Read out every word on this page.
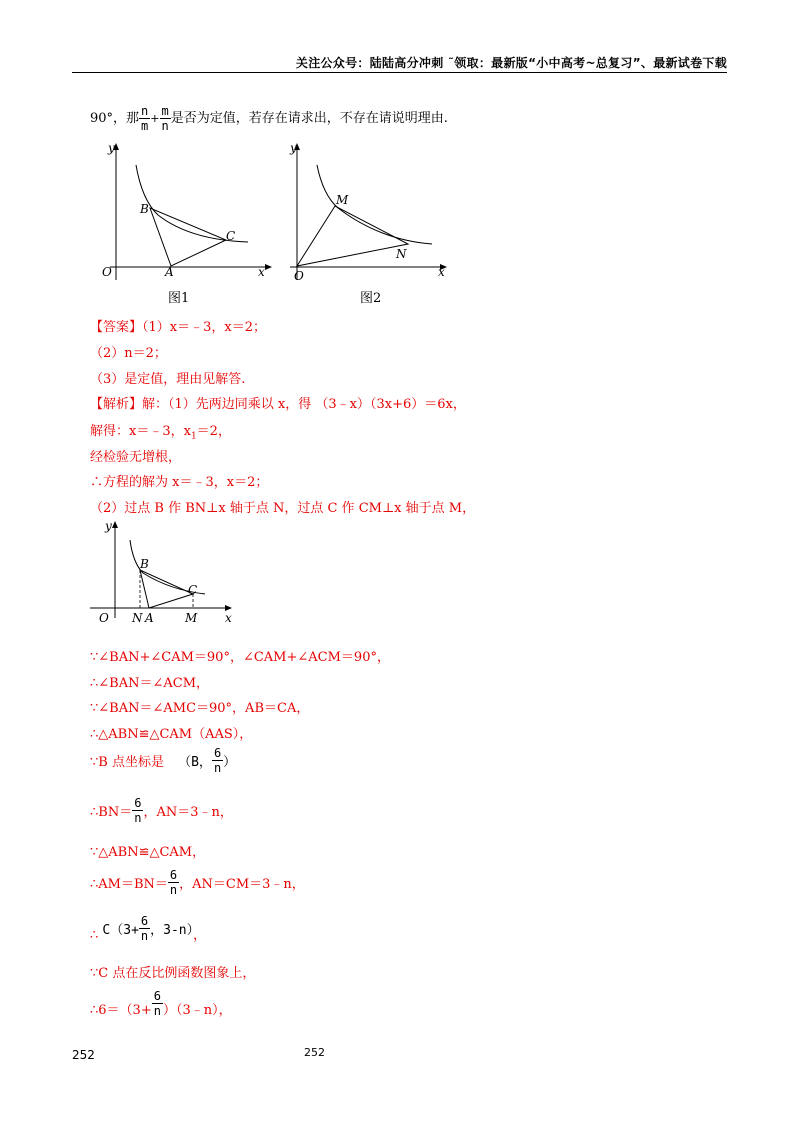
关注公众号：陆陆高分冲刺 ˜领取：最新版“小中高考~总复习”、最新试卷下载
90°，那 $\frac{n}{m} + \frac{m}{n}$ 是否为定值，若存在请求出，不存在请说明理由.
y
x
O	A
B
C
图1
y
x
O
M
N
图2
【答案】（1）x＝﹣3，x＝2；
（2）n＝2；
（3）是定值，理由见解答.
【解析】解：（1）先两边同乘以 x，得 （3﹣x）（3x+6）＝6x，
解得：x＝﹣3，$x_1=2$，
经检验无增根，
∴方程的解为 x＝﹣3，x＝2；
（2）过点 B 作 BN⊥x 轴于点 N，过点 C 作 CM⊥x 轴于点 M，
y
x
O N A
B
C
M
∵∠BAN+∠CAM＝90°，∠CAM+∠ACM＝90°，
∴∠BAN＝∠ACM，
∵∠BAN＝∠AMC＝90°，AB＝CA，
∴△ABN≌△CAM（AAS），
∵B 点坐标是 （B， $\frac{6}{n}$ ）
∴BN＝ $\frac{6}{n}$ ，AN＝3﹣n，
∵△ABN≌△CAM，
∴AM＝BN＝ $\frac{6}{n}$ ，AN＝CM＝3﹣n，
∴ $C(3+ \frac{6}{n}$ ，3-n），
∵C 点在反比例函数图象上，
∴6＝（3+ $\frac{6}{n}$ ）（3﹣n），
252	252
